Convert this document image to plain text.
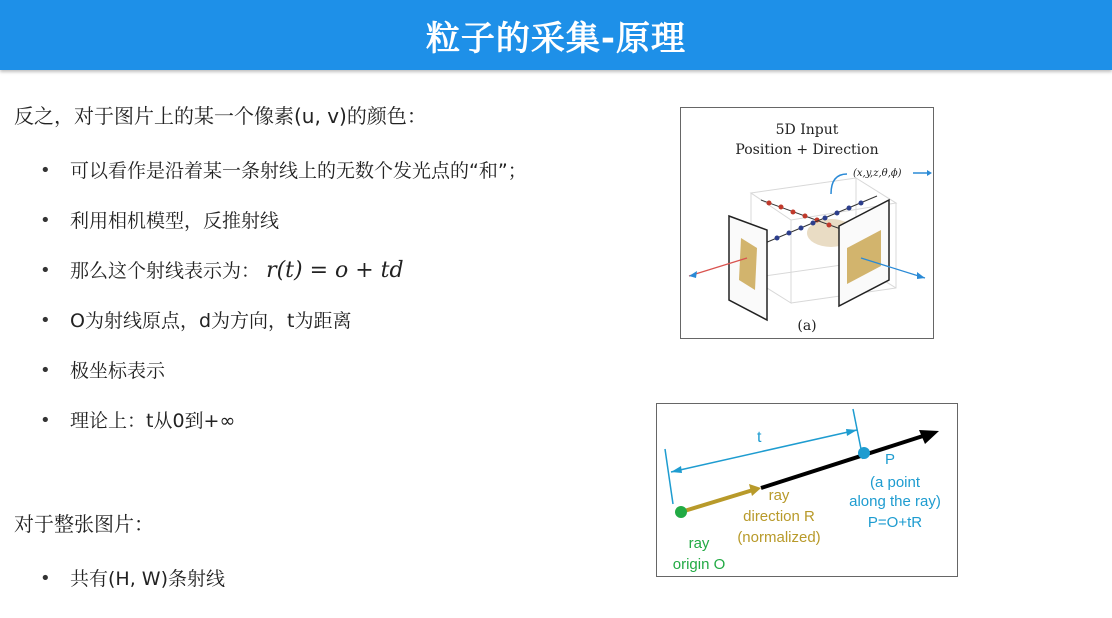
粒子的采集-原理
反之，对于图片上的某一个像素(u, v)的颜色：
• 可以看作是沿着某一条射线上的无数个发光点的“和”；
• 利用相机模型，反推射线
• 那么这个射线表示为： r(t) = o + td
• O为射线原点，d为方向，t为距离
• 极坐标表示
• 理论上：t从0到+∞
对于整张图片：
• 共有(H, W)条射线
5D Input
Position + Direction
(x,y,z,θ,ϕ)
(a)
t
P
(a point
along the ray)
P=O+tR
ray
direction R
(normalized)
ray
origin O
